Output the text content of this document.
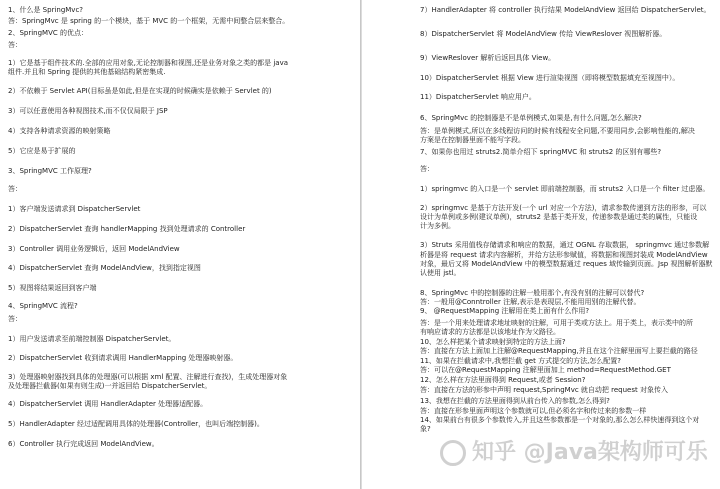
1、什么是 SpringMvc?
答：SpringMvc 是 spring 的一个模块，基于 MVC 的一个框架，无需中间整合层来整合。
2、SpringMVC 的优点：
答：
1）它是基于组件技术的.全部的应用对象,无论控制器和视图,还是业务对象之类的都是 java
组件.并且和 Spring 提供的其他基础结构紧密集成.
2）不依赖于 Servlet API(目标虽是如此,但是在实现的时候确实是依赖于 Servlet 的)
3）可以任意使用各种视图技术,而不仅仅局限于 JSP
4）支持各种请求资源的映射策略
5）它应是易于扩展的
3、SpringMVC 工作原理?
答：
1）客户端发送请求到 DispatcherServlet
2）DispatcherServlet 查询 handlerMapping 找到处理请求的 Controller
3）Controller 调用业务逻辑后，返回 ModelAndView
4）DispatcherServlet 查询 ModelAndView，找到指定视图
5）视图将结果返回到客户端
4、SpringMVC 流程?
答：
1）用户发送请求至前端控制器 DispatcherServlet。
2）DispatcherServlet 收到请求调用 HandlerMapping 处理器映射器。
3）处理器映射器找到具体的处理器(可以根据 xml 配置、注解进行查找)，生成处理器对象
及处理器拦截器(如果有则生成)一并返回给 DispatcherServlet。
4）DispatcherServlet 调用 HandlerAdapter 处理器适配器。
5）HandlerAdapter 经过适配调用具体的处理器(Controller，也叫后端控制器)。
6）Controller 执行完成返回 ModelAndView。
7）HandlerAdapter 将 controller 执行结果 ModelAndView 返回给 DispatcherServlet。
8）DispatcherServlet 将 ModelAndView 传给 ViewReslover 视图解析器。
9）ViewReslover 解析后返回具体 View。
10）DispatcherServlet 根据 View 进行渲染视图（即将模型数据填充至视图中）。
11）DispatcherServlet 响应用户。
6、SpringMvc 的控制器是不是单例模式,如果是,有什么问题,怎么解决?
答：是单例模式,所以在多线程访问的时候有线程安全问题,不要用同步,会影响性能的,解决
方案是在控制器里面不能写字段。
7、如果你也用过 struts2.简单介绍下 springMVC 和 struts2 的区别有哪些?
答：
1）springmvc 的入口是一个 servlet 即前端控制器，而 struts2 入口是一个 filter 过虑器。
2）springmvc 是基于方法开发(一个 url 对应一个方法)，请求参数传递到方法的形参，可以
设计为单例或多例(建议单例)，struts2 是基于类开发，传递参数是通过类的属性，只能设
计为多例。
3）Struts 采用值栈存储请求和响应的数据，通过 OGNL 存取数据， springmvc 通过参数解
析器是将 request 请求内容解析，并给方法形参赋值，将数据和视图封装成 ModelAndView
对象，最后又将 ModelAndView 中的模型数据通过 reques 域传输到页面。Jsp 视图解析器默
认使用 jstl。
8、SpringMvc 中的控制器的注解一般用那个,有没有别的注解可以替代?
答：一般用@Conntroller 注解,表示是表现层,不能用用别的注解代替。
9、 @RequestMapping 注解用在类上面有什么作用?
答：是一个用来处理请求地址映射的注解，可用于类或方法上。用于类上，表示类中的所
有响应请求的方法都是以该地址作为父路径。
10、怎么样把某个请求映射到特定的方法上面?
答：直接在方法上面加上注解@RequestMapping,并且在这个注解里面写上要拦截的路径
11、如果在拦截请求中,我想拦截 get 方式提交的方法,怎么配置?
答：可以在@RequestMapping 注解里面加上 method=RequestMethod.GET
12、怎么样在方法里面得到 Request,或者 Session?
答：直接在方法的形参中声明 request,SpringMvc 就自动把 request 对象传入
13、我想在拦截的方法里面得到从前台传入的参数,怎么得到?
答：直接在形参里面声明这个参数就可以,但必须名字和传过来的参数一样
14、如果前台有很多个参数传入,并且这些参数都是一个对象的,那么怎么样快速得到这个对
象?
知乎 @Java架构师可乐
